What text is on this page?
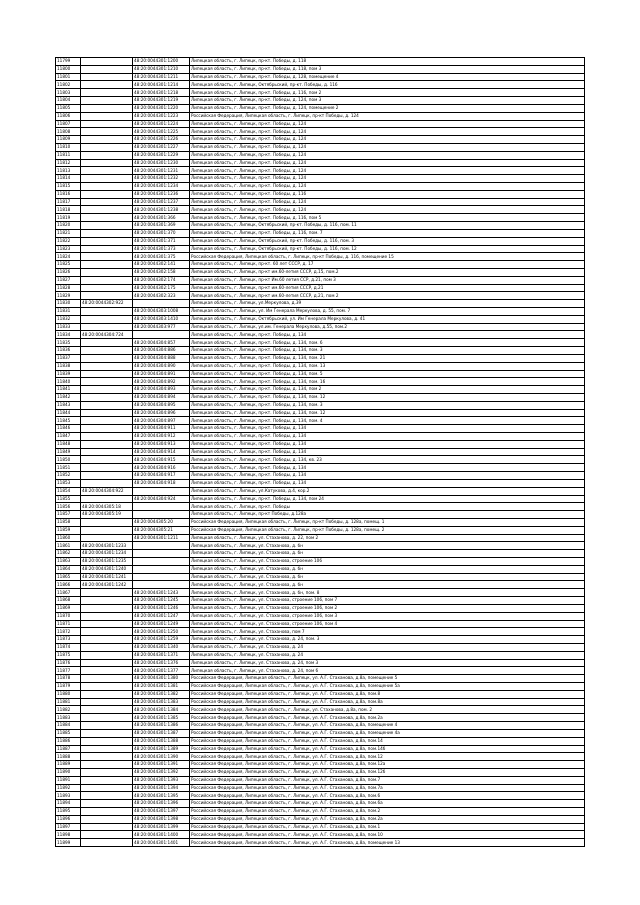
11799		48:20:0044301:1200	Липецкая область, г. Липецк, пр-кт. Победы, д. 118
11800		48:20:0044301:1210	Липецкая область, г. Липецк, пр-кт. Победы, д. 118, пом 3
11801		48:20:0044301:1211	Липецкая область, г. Липецк, пр-кт. Победы, д. 128, помещение 4
11802		48:20:0044301:1214	Липецкая область, г. Липецк, Октябрьский, пр-кт. Победы, д. 116
11803		48:20:0044301:1218	Липецкая область, г. Липецк, пр-кт. Победы, д. 116, пом 2
11804		48:20:0044301:1219	Липецкая область, г. Липецк, пр-кт. Победы, д. 124, пом 3
11805		48:20:0044301:1220	Липецкая область, г. Липецк, пр-кт. Победы, д. 124, помещение 2
11806		48:20:0044301:1223	Российская Федерация, Липецкая область, г. Липецк, пр-кт Победы, д. 124
11807		48:20:0044301:1224	Липецкая область, г. Липецк, пр-кт. Победы, д. 124
11808		48:20:0044301:1225	Липецкая область, г. Липецк, пр-кт. Победы, д. 124
11809		48:20:0044301:1226	Липецкая область, г. Липецк, пр-кт. Победы, д. 124
11810		48:20:0044301:1227	Липецкая область, г. Липецк, пр-кт. Победы, д. 124
11811		48:20:0044301:1229	Липецкая область, г. Липецк, пр-кт. Победы, д. 124
11812		48:20:0044301:1230	Липецкая область, г. Липецк, пр-кт. Победы, д. 124
11813		48:20:0044301:1231	Липецкая область, г. Липецк, пр-кт. Победы, д. 124
11814		48:20:0044301:1232	Липецкая область, г. Липецк, пр-кт. Победы, д. 124
11815		48:20:0044301:1234	Липецкая область, г. Липецк, пр-кт. Победы, д. 124
11816		48:20:0044301:1236	Липецкая область, г. Липецк, пр-кт. Победы, д. 116
11817		48:20:0044301:1237	Липецкая область, г. Липецк, пр-кт. Победы, д. 124
11818		48:20:0044301:1238	Липецкая область, г. Липецк, пр-кт. Победы, д. 124
11819		48:20:0044301:366	Липецкая область, г. Липецк, пр-кт. Победы, д. 116, пом 5
11820		48:20:0044301:369	Липецкая область, г. Липецк, Октябрьский, пр-кт. Победы, д. 116, пом. 11
11821		48:20:0044301:370	Липецкая область, г. Липецк, пр-кт. Победы, д. 116, пом. 7
11822		48:20:0044301:371	Липецкая область, г. Липецк, Октябрьский, пр-кт. Победы, д. 116, пом. 3
11823		48:20:0044301:373	Липецкая область, г. Липецк, Октябрьский, пр-кт. Победы, д. 116, пом. 12
11824		48:20:0044301:375	Российская Федерация, Липецкая область, г. Липецк, пр-кт Победы, д. 116, помещение 15
11825		48:20:0044302:141	Липецкая область, г. Липецк, пр-кт. 60 лет СССР, д. 17
11826		48:20:0044302:158	Липецкая область, г. Липецк, пр-кт им.60-летия СССР, д.15, пом.2
11827		48:20:0044302:174	Липецкая область, г. Липецк, пр-кт Им.60 летия ССР, д.21, пом 3
11828		48:20:0044302:175	Липецкая область, г. Липецк, пр-кт им.60-летия СССР, д.21
11829		48:20:0044302:323	Липецкая область, г. Липецк, пр-кт им.60-летия СССР, д.21, пом 2
11830	48:20:0044302:922		Липецкая область, г. Липецк, ул.Меркулова, д.39
11831		48:20:0044303:1008	Липецкая область, г. Липецк, ул. Им Генерала Меркулова, д. 55, пом. 7
11832		48:20:0044303:1410	Липецкая область, г. Липецк, Октябрьский, ул. Им Генерала Меркулова, д. 41
11833		48:20:0044303:977	Липецкая область, г. Липецк, ул.им. Генерала Меркулова, д.55, пом.2
11834	48:20:0044304:724		Липецкая область, г. Липецк, пр-кт. Победы, д. 134
11835		48:20:0044304:857	Липецкая область, г. Липецк, пр-кт. Победы, д. 134, пом. 6
11836		48:20:0044304:886	Липецкая область, г. Липецк, пр-кт. Победы, д. 134, пом. 3
11837		48:20:0044304:888	Липецкая область, г. Липецк, пр-кт. Победы, д. 134, пом. 21
11838		48:20:0044304:890	Липецкая область, г. Липецк, пр-кт. Победы, д. 134, пом. 13
11839		48:20:0044304:891	Липецкая область, г. Липецк, пр-кт. Победы, д. 134, пом. 5
11840		48:20:0044304:892	Липецкая область, г. Липецк, пр-кт. Победы, д. 134, пом. 16
11841		48:20:0044304:893	Липецкая область, г. Липецк, пр-кт. Победы, д. 134, пом 2
11842		48:20:0044304:894	Липецкая область, г. Липецк, пр-кт. Победы, д. 134, пом. 12
11843		48:20:0044304:895	Липецкая область, г. Липецк, пр-кт. Победы, д. 134, пом. 3
11844		48:20:0044304:896	Липецкая область, г. Липецк, пр-кт. Победы, д. 134, пом. 12
11845		48:20:0044304:897	Липецкая область, г. Липецк, пр-кт. Победы, д. 134, пом. 4
11846		48:20:0044304:911	Липецкая область, г. Липецк, пр-кт. Победы, д. 134
11847		48:20:0044304:912	Липецкая область, г. Липецк, пр-кт. Победы, д. 134
11848		48:20:0044304:913	Липецкая область, г. Липецк, пр-кт. Победы, д. 134
11849		48:20:0044304:914	Липецкая область, г. Липецк, пр-кт. Победы, д. 134
11850		48:20:0044304:915	Липецкая область, г. Липецк, пр-кт. Победы, д. 134, кв. 23
11851		48:20:0044304:916	Липецкая область, г. Липецк, пр-кт. Победы, д. 134
11852		48:20:0044304:917	Липецкая область, г. Липецк, пр-кт. Победы, д. 134
11853		48:20:0044304:918	Липецкая область, г. Липецк, пр-кт. Победы, д. 134
11854	48:20:0044304:922		Липецкая область, г. Липецк, ул.Катукова, д.4, кор.2
11855		48:20:0044304:924	Липецкая область, г. Липецк, пр-кт. Победы, д. 134, пом 24
11856	48:20:0044305:18		Липецкая область, г. Липецк, пр-кт. Победы
11857	48:20:0044305:19		Липецкая область, г. Липецк, пр-кт Победы, д.128а
11858		48:20:0044305:20	Российская Федерация, Липецкая область, г. Липецк, пр-кт Победы, д. 128а, помещ. 1
11859		48:20:0044305:21	Российская Федерация, Липецкая область, г. Липецк, пр-кт Победы, д. 128а, помещ. 2
11860		48:20:0044301:1211	Липецкая область, г. Липецк, ул. Стаханова, д. 22, пом 2
11861	48:20:0044301:1233		Липецкая область, г. Липецк, ул. Стаханова, д. бн
11862	48:20:0044301:1234		Липецкая область, г. Липецк, ул. Стаханова, д. бн
11863	48:20:0044301:1235		Липецкая область, г. Липецк, ул. Стаханова, строение 106
11864	48:20:0044301:1240		Липецкая область, г. Липецк, ул. Стаханова, д. бн
11865	48:20:0044301:1241		Липецкая область, г. Липецк, ул. Стаханова, д. бн
11866	48:20:0044301:1242		Липецкая область, г. Липецк, ул. Стаханова, д. бн
11867		48:20:0044301:1243	Липецкая область, г. Липецк, ул. Стаханова, д. бн, пом. 8
11868		48:20:0044301:1245	Липецкая область, г. Липецк, ул. Стаханова, строение 106, пом 7
11869		48:20:0044301:1246	Липецкая область, г. Липецк, ул. Стаханова, строение 106, пом 2
11870		48:20:0044301:1247	Липецкая область, г. Липецк, ул. Стаханова, строение 106, пом 3
11871		48:20:0044301:1249	Липецкая область, г. Липецк, ул. Стаханова, строение 106, пом 4
11872		48:20:0044301:1250	Липецкая область, г. Липецк, ул. Стаханова, пом 7
11873		48:20:0044301:1259	Липецкая область, г. Липецк, ул. Стаханова, д. 24, пом. 3
11874		48:20:0044301:1340	Липецкая область, г. Липецк, ул. Стаханова, д. 24
11875		48:20:0044301:1371	Липецкая область, г. Липецк, ул. Стаханова, д. 24
11876		48:20:0044301:1376	Липецкая область, г. Липецк, ул. Стаханова, д. 24, пом 3
11877		48:20:0044301:1377	Липецкая область, г. Липецк, ул. Стаханова, д. 24, пом 6
11878		48:20:0044301:1380	Российская Федерация, Липецкая область, г. Липецк, ул. А.Г. Стаханова, д.8а, помещение 5
11879		48:20:0044301:1381	Российская Федерация, Липецкая область, г. Липецк, ул. А.Г. Стаханова, д.8а, помещение 5а
11880		48:20:0044301:1382	Российская Федерация, Липецкая область, г. Липецк, ул. А.Г. Стаханова, д.8а, пом.8
11881		48:20:0044301:1383	Российская Федерация, Липецкая область, г. Липецк, ул. А.Г. Стаханова, д.8а, пом.8а
11882		48:20:0044301:1384	Российская Федерация, Липецкая область, г. Липецк, ул. Стаханова, д.8а, пом. 2
11883		48:20:0044301:1385	Российская Федерация, Липецкая область, г. Липецк, ул. А.Г. Стаханова, д.8а, пом.2а
11884		48:20:0044301:1386	Российская Федерация, Липецкая область, г. Липецк, ул. А.Г. Стаханова, д.8а, помещение 4
11885		48:20:0044301:1387	Российская Федерация, Липецкая область, г. Липецк, ул. А.Г. Стаханова, д.8а, помещение 4а
11886		48:20:0044301:1388	Российская Федерация, Липецкая область, г. Липецк, ул. А.Г. Стаханова, д.8а, пом.14
11887		48:20:0044301:1389	Российская Федерация, Липецкая область, г. Липецк, ул. А.Г. Стаханова, д.8а, пом.14б
11888		48:20:0044301:1390	Российская Федерация, Липецкая область, г. Липецк, ул. А.Г. Стаханова, д.8а, пом.12
11889		48:20:0044301:1391	Российская Федерация, Липецкая область, г. Липецк, ул. А.Г. Стаханова, д.8а, пом.12а
11890		48:20:0044301:1392	Российская Федерация, Липецкая область, г. Липецк, ул. А.Г. Стаханова, д.8а, пом.12б
11891		48:20:0044301:1393	Российская Федерация, Липецкая область, г. Липецк, ул. А.Г. Стаханова, д.8а, пом.7
11892		48:20:0044301:1394	Российская Федерация, Липецкая область, г. Липецк, ул. А.Г. Стаханова, д.8а, пом.7а
11893		48:20:0044301:1395	Российская Федерация, Липецкая область, г. Липецк, ул. А.Г. Стаханова, д.8а, пом.6
11894		48:20:0044301:1396	Российская Федерация, Липецкая область, г. Липецк, ул. А.Г. Стаханова, д.8а, пом.6а
11895		48:20:0044301:1397	Российская Федерация, Липецкая область, г. Липецк, ул. А.Г. Стаханова, д.8а, пом.2
11896		48:20:0044301:1398	Российская Федерация, Липецкая область, г. Липецк, ул. А.Г. Стаханова, д.8а, пом.2а
11897		48:20:0044301:1399	Российская Федерация, Липецкая область, г. Липецк, ул. А.Г. Стаханова, д.8а, пом.1
11898		48:20:0044301:1400	Российская Федерация, Липецкая область, г. Липецк, ул. А.Г. Стаханова, д.8а, пом.10
11899		48:20:0044301:1401	Российская Федерация, Липецкая область, г. Липецк, ул. А.Г. Стаханова, д.8а, помещение 13
